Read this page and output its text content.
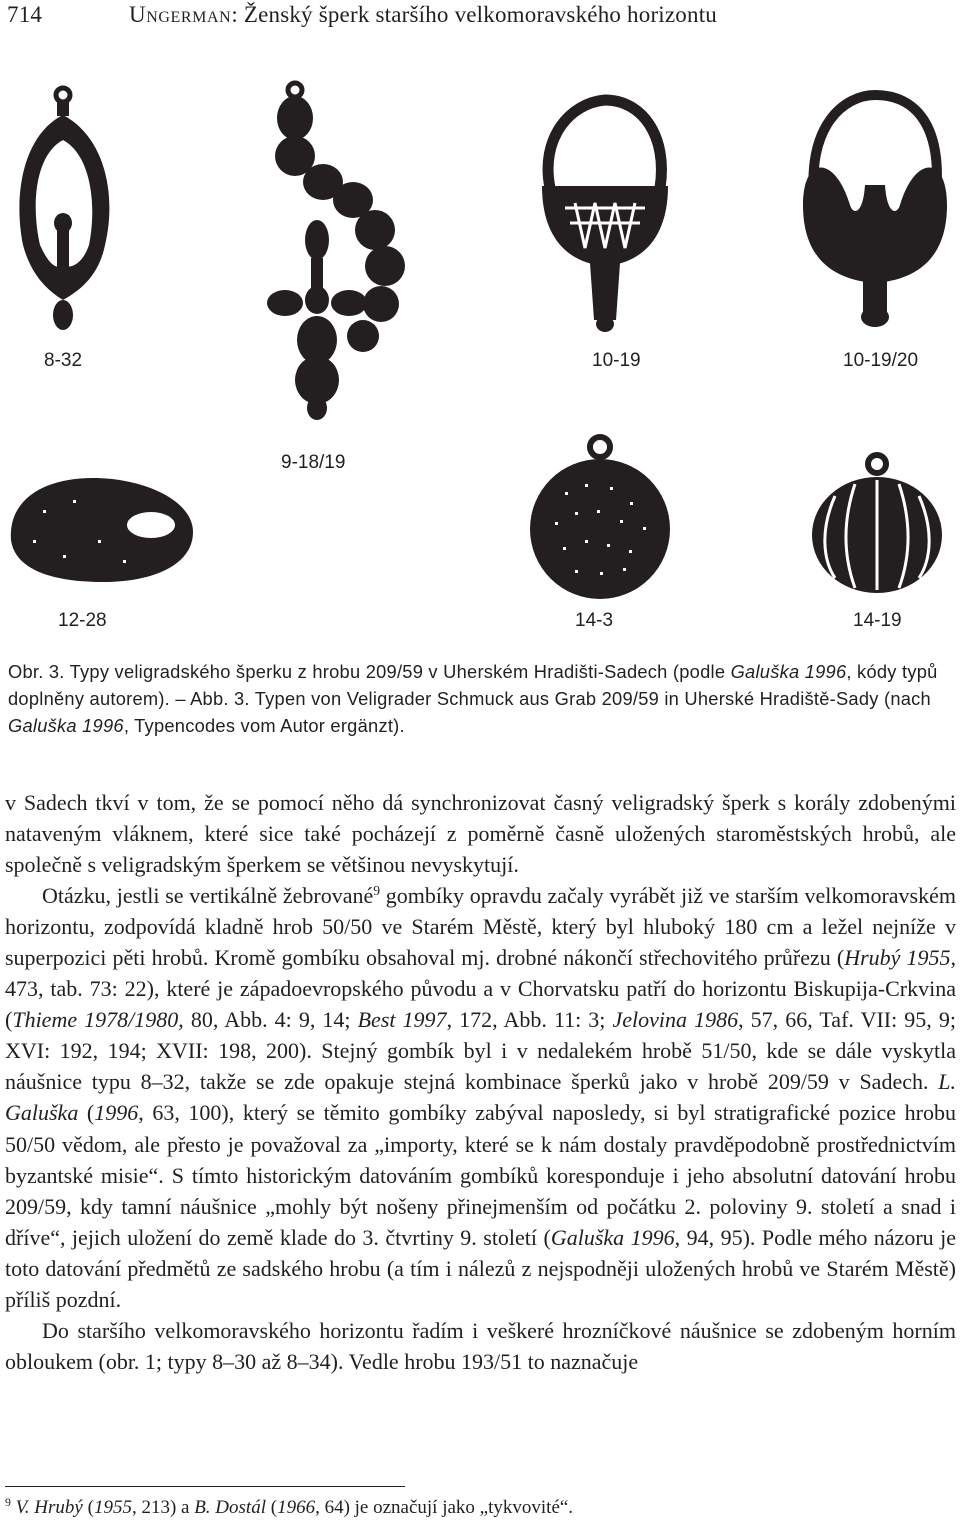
714	Ungerman: Ženský šperk staršího velkomoravského horizontu
8-32
9-18/19
10-19	10-19/20
12-28	14-3	14-19
Obr. 3. Typy veligradského šperku z hrobu 209/59 v Uherském Hradišti-Sadech (podle Galuška 1996, kódy typů doplněny autorem). – Abb. 3. Typen von Veligrader Schmuck aus Grab 209/59 in Uherské Hradiště-Sady (nach Galuška 1996, Typencodes vom Autor ergänzt).

v Sadech tkví v tom, že se pomocí něho dá synchronizovat časný veligradský šperk s korály zdobenými nataveným vláknem, které sice také pocházejí z poměrně časně uložených staroměstských hrobů, ale společně s veligradským šperkem se většinou nevyskytují.

Otázku, jestli se vertikálně žebrované$^9$ gombíky opravdu začaly vyrábět již ve starším velkomoravském horizontu, zodpovídá kladně hrob 50/50 ve Starém Městě, který byl hluboký 180 cm a ležel nejníže v superpozici pěti hrobů. Kromě gombíku obsahoval mj. drobné nákončí střechovitého průřezu (Hrubý 1955, 473, tab. 73: 22), které je západoevropského původu a v Chorvatsku patří do horizontu Biskupija-Crkvina (Thieme 1978/1980, 80, Abb. 4: 9, 14; Best 1997, 172, Abb. 11: 3; Jelovina 1986, 57, 66, Taf. VII: 95, 9; XVI: 192, 194; XVII: 198, 200). Stejný gombík byl i v nedalekém hrobě 51/50, kde se dále vyskytla náušnice typu 8–32, takže se zde opakuje stejná kombinace šperků jako v hrobě 209/59 v Sadech. L. Galuška (1996, 63, 100), který se těmito gombíky zabýval naposledy, si byl stratigrafické pozice hrobu 50/50 vědom, ale přesto je považoval za „importy, které se k nám dostaly pravděpodobně prostřednictvím byzantské misie“. S tímto historickým datováním gombíků koresponduje i jeho absolutní datování hrobu 209/59, kdy tamní náušnice „mohly být nošeny přinejmenším od počátku 2. poloviny 9. století a snad i dříve“, jejich uložení do země klade do 3. čtvrtiny 9. století (Galuška 1996, 94, 95). Podle mého názoru je toto datování předmětů ze sadského hrobu (a tím i nálezů z nejspodněji uložených hrobů ve Starém Městě) příliš pozdní.

Do staršího velkomoravského horizontu řadím i veškeré hrozníčkové náušnice se zdobeným horním obloukem (obr. 1; typy 8–30 až 8–34). Vedle hrobu 193/51 to naznačuje

$^9$ V. Hrubý (1955, 213) a B. Dostál (1966, 64) je označují jako „tykvovité“.
